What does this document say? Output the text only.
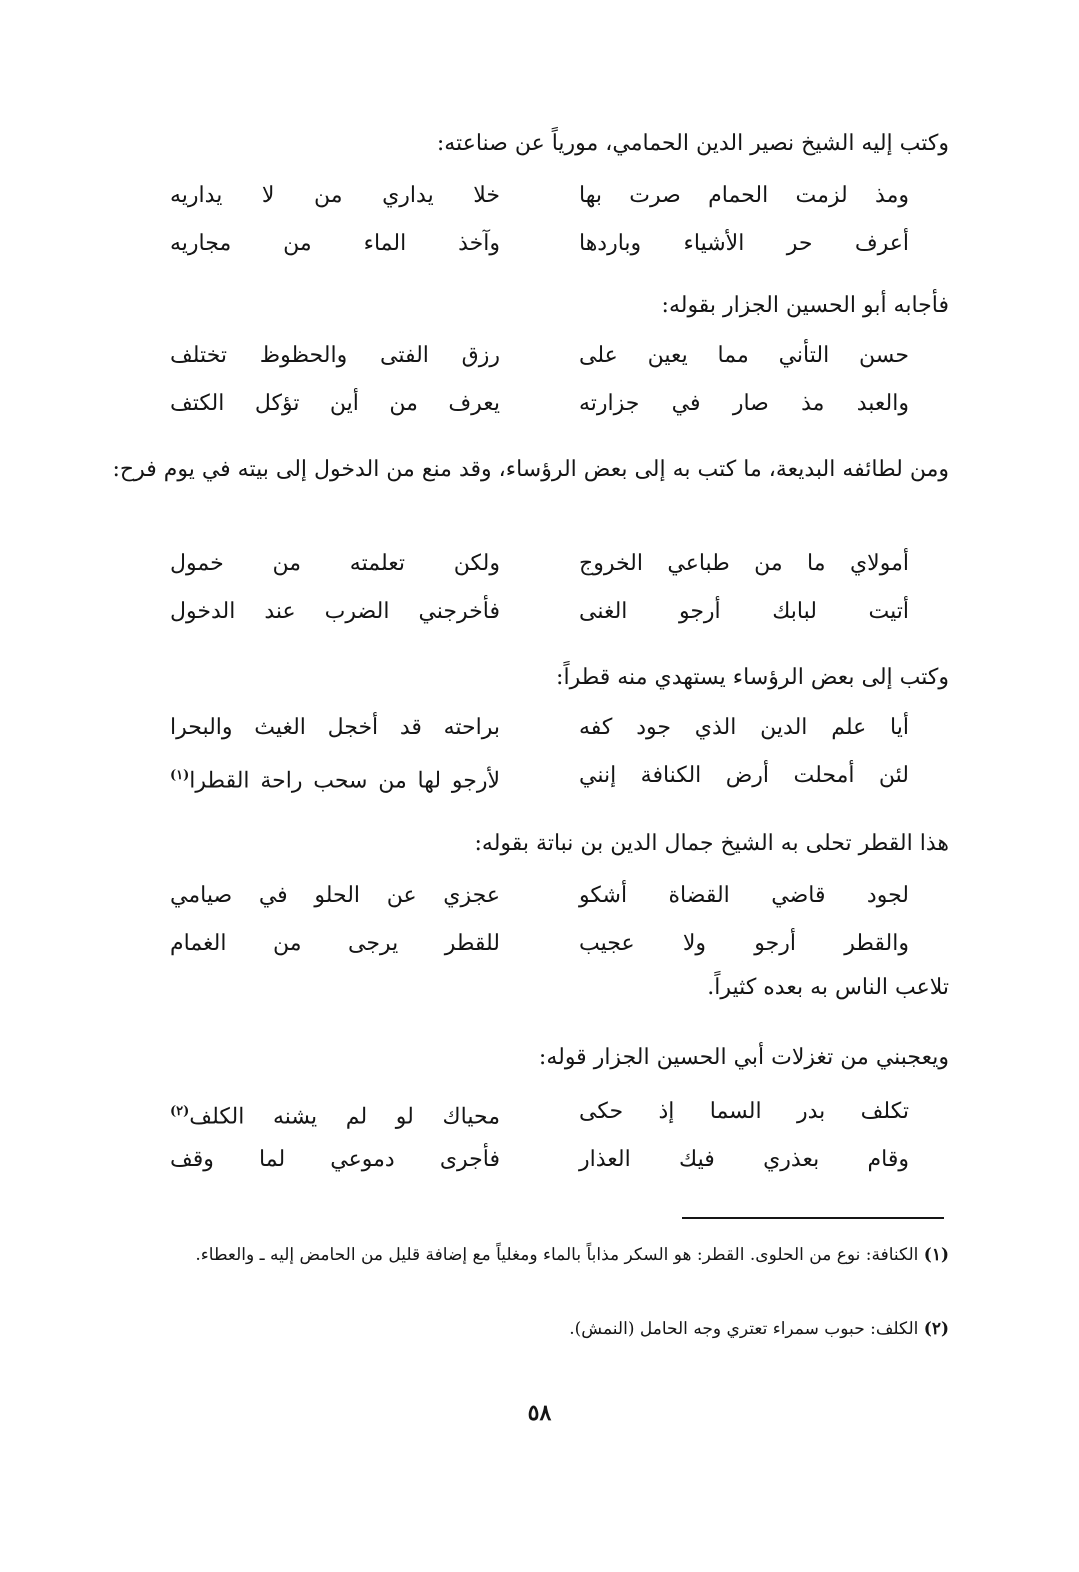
وكتب إليه الشيخ نصير الدين الحمامي، مورياً عن صناعته:
ومذ لزمت الحمام صرت بها
خلا يداري من لا يداريه
أعرف حر الأشياء وباردها
وآخذ الماء من مجاريه
فأجابه أبو الحسين الجزار بقوله:
حسن التأني مما يعين على
رزق الفتى والحظوظ تختلف
والعبد مذ صار في جزارته
يعرف من أين تؤكل الكتف
ومن لطائفه البديعة، ما كتب به إلى بعض الرؤساء، وقد منع من الدخول إلى بيته في يوم فرح:
أمولاي ما من طباعي الخروج
ولكن تعلمته من خمول
أتيت لبابك أرجو الغنى
فأخرجني الضرب عند الدخول
وكتب إلى بعض الرؤساء يستهدي منه قطراً:
أيا علم الدين الذي جود كفه
براحته قد أخجل الغيث والبحرا
لئن أمحلت أرض الكنافة إنني
لأرجو لها من سحب راحة القطرا$^{(١)}$
هذا القطر تحلى به الشيخ جمال الدين بن نباتة بقوله:
لجود قاضي القضاة أشكو
عجزي عن الحلو في صيامي
والقطر أرجو ولا عجيب
للقطر يرجى من الغمام
تلاعب الناس به بعده كثيراً.
ويعجبني من تغزلات أبي الحسين الجزار قوله:
تكلف بدر السما إذ حكى
محياك لو لم يشنه الكلف$^{(٢)}$
وقام بعذري فيك العذار
فأجرى دموعي لما وقف
(١) الكنافة: نوع من الحلوى. القطر: هو السكر مذاباً بالماء ومغلياً مع إضافة قليل من الحامض إليه ـ والعطاء.
(٢) الكلف: حبوب سمراء تعتري وجه الحامل (النمش).
٥٨
